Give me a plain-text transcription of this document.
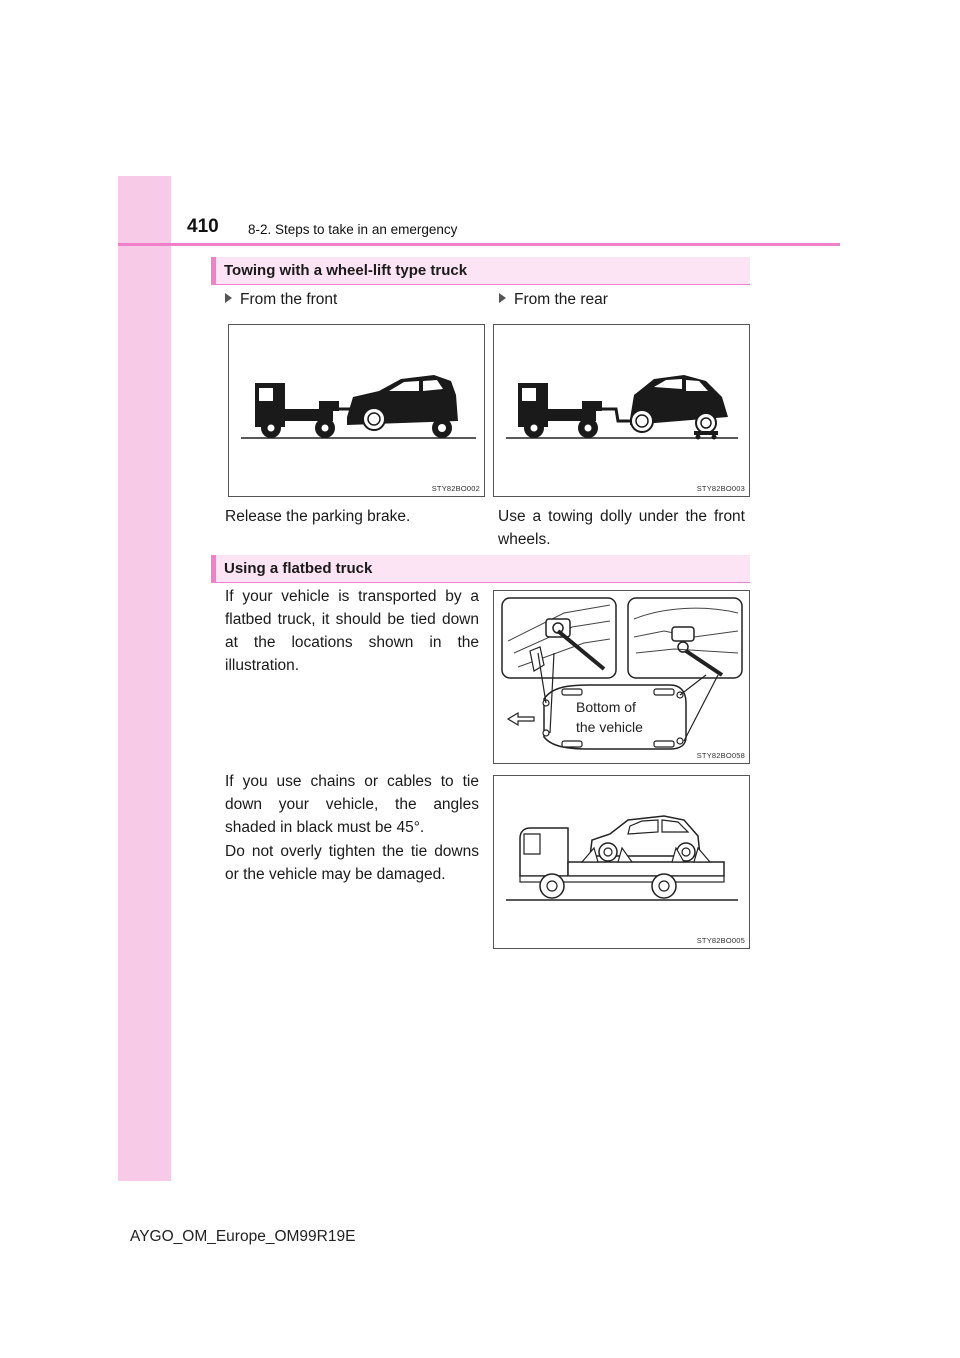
410 8-2. Steps to take in an emergency
Towing with a wheel-lift type truck
From the front	From the rear
STY82BO002	STY82BO003
Release the parking brake.	Use a towing dolly under the front wheels.
Using a flatbed truck
If your vehicle is transported by a flatbed truck, it should be tied down at the locations shown in the illustration.
Bottom of the vehicle
STY82BO058
If you use chains or cables to tie down your vehicle, the angles shaded in black must be 45°.
Do not overly tighten the tie downs or the vehicle may be damaged.
STY82BO005
AYGO_OM_Europe_OM99R19E
